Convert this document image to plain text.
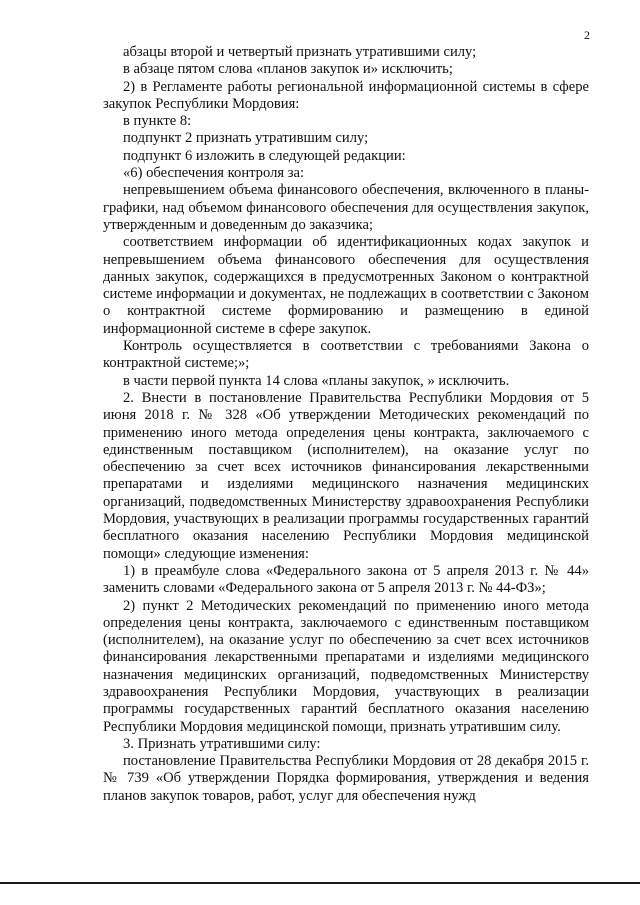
2

абзацы второй и четвертый признать утратившими силу;

в абзаце пятом слова «планов закупок и» исключить;

2) в Регламенте работы региональной информационной системы в сфере закупок Республики Мордовия:

в пункте 8:

подпункт 2 признать утратившим силу;

подпункт 6 изложить в следующей редакции:

«6) обеспечения контроля за:

непревышением объема финансового обеспечения, включенного в планы-графики, над объемом финансового обеспечения для осуществления закупок, утвержденным и доведенным до заказчика;

соответствием информации об идентификационных кодах закупок и непревышением объема финансового обеспечения для осуществления данных закупок, содержащихся в предусмотренных Законом о контрактной системе информации и документах, не подлежащих в соответствии с Законом о контрактной системе формированию и размещению в единой информационной системе в сфере закупок.

Контроль осуществляется в соответствии с требованиями Закона о контрактной системе;»;

в части первой пункта 14 слова «планы закупок, » исключить.

2. Внести в постановление Правительства Республики Мордовия от 5 июня 2018 г. № 328 «Об утверждении Методических рекомендаций по применению иного метода определения цены контракта, заключаемого с единственным поставщиком (исполнителем), на оказание услуг по обеспечению за счет всех источников финансирования лекарственными препаратами и изделиями медицинского назначения медицинских организаций, подведомственных Министерству здравоохранения Республики Мордовия, участвующих в реализации программы государственных гарантий бесплатного оказания населению Республики Мордовия медицинской помощи» следующие изменения:

1) в преамбуле слова «Федерального закона от 5 апреля 2013 г. № 44» заменить словами «Федерального закона от 5 апреля 2013 г. № 44-ФЗ»;

2) пункт 2 Методических рекомендаций по применению иного метода определения цены контракта, заключаемого с единственным поставщиком (исполнителем), на оказание услуг по обеспечению за счет всех источников финансирования лекарственными препаратами и изделиями медицинского назначения медицинских организаций, подведомственных Министерству здравоохранения Республики Мордовия, участвующих в реализации программы государственных гарантий бесплатного оказания населению Республики Мордовия медицинской помощи, признать утратившим силу.

3. Признать утратившими силу:

постановление Правительства Республики Мордовия от 28 декабря 2015 г. № 739 «Об утверждении Порядка формирования, утверждения и ведения планов закупок товаров, работ, услуг для обеспечения нужд
